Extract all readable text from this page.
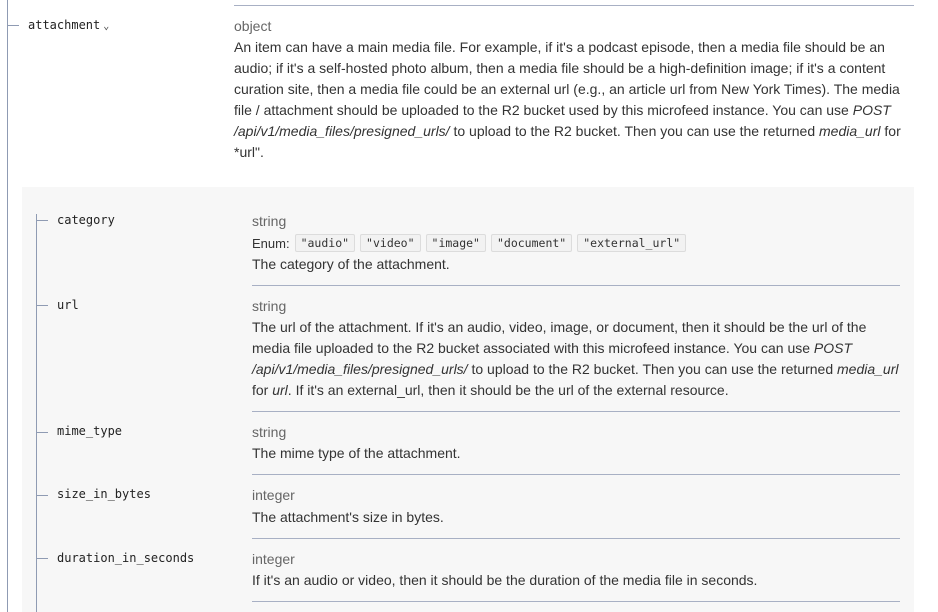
attachment ⌄	object
An item can have a main media file. For example, if it's a podcast episode, then a media file should be an audio; if it's a self-hosted photo album, then a media file should be a high-definition image; if it's a content curation site, then a media file could be an external url (e.g., an article url from New York Times). The media file / attachment should be uploaded to the R2 bucket used by this microfeed instance. You can use POST /api/v1/media_files/presigned_urls/ to upload to the R2 bucket. Then you can use the returned media_url for *url".
category	string
Enum: "audio"	"video"	"image"	"document"	"external_url"
The category of the attachment.
url	string
The url of the attachment. If it's an audio, video, image, or document, then it should be the url of the media file uploaded to the R2 bucket associated with this microfeed instance. You can use POST /api/v1/media_files/presigned_urls/ to upload to the R2 bucket. Then you can use the returned media_url for url. If it's an external_url, then it should be the url of the external resource.
mime_type	string
The mime type of the attachment.
size_in_bytes	integer
The attachment's size in bytes.
duration_in_seconds	integer
If it's an audio or video, then it should be the duration of the media file in seconds.
